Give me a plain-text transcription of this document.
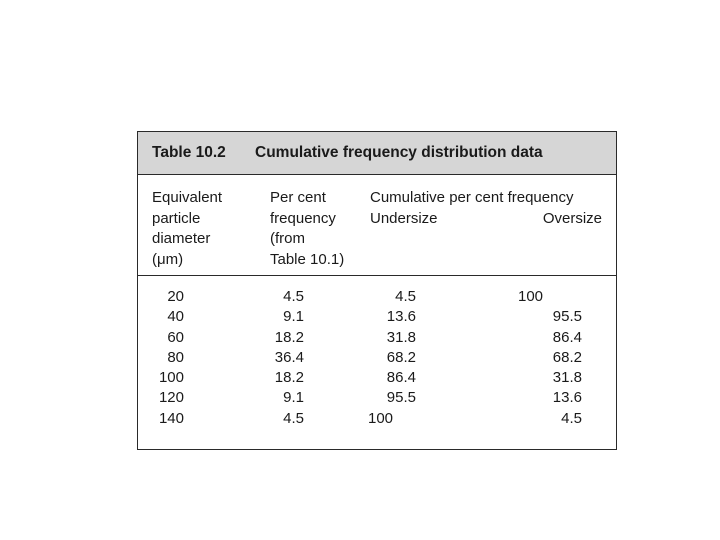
Table 10.2 Cumulative frequency distribution data
Equivalent
particle
diameter
(μm)
Per cent
frequency
(from
Table 10.1)
Cumulative per cent frequency
Undersize	Oversize
20
40
60
80
100
120
140
4.5
9.1
18.2
36.4
18.2
9.1
4.5
4.5
13.6
31.8
68.2
86.4
95.5
100
100
95.5
86.4
68.2
31.8
13.6
4.5
